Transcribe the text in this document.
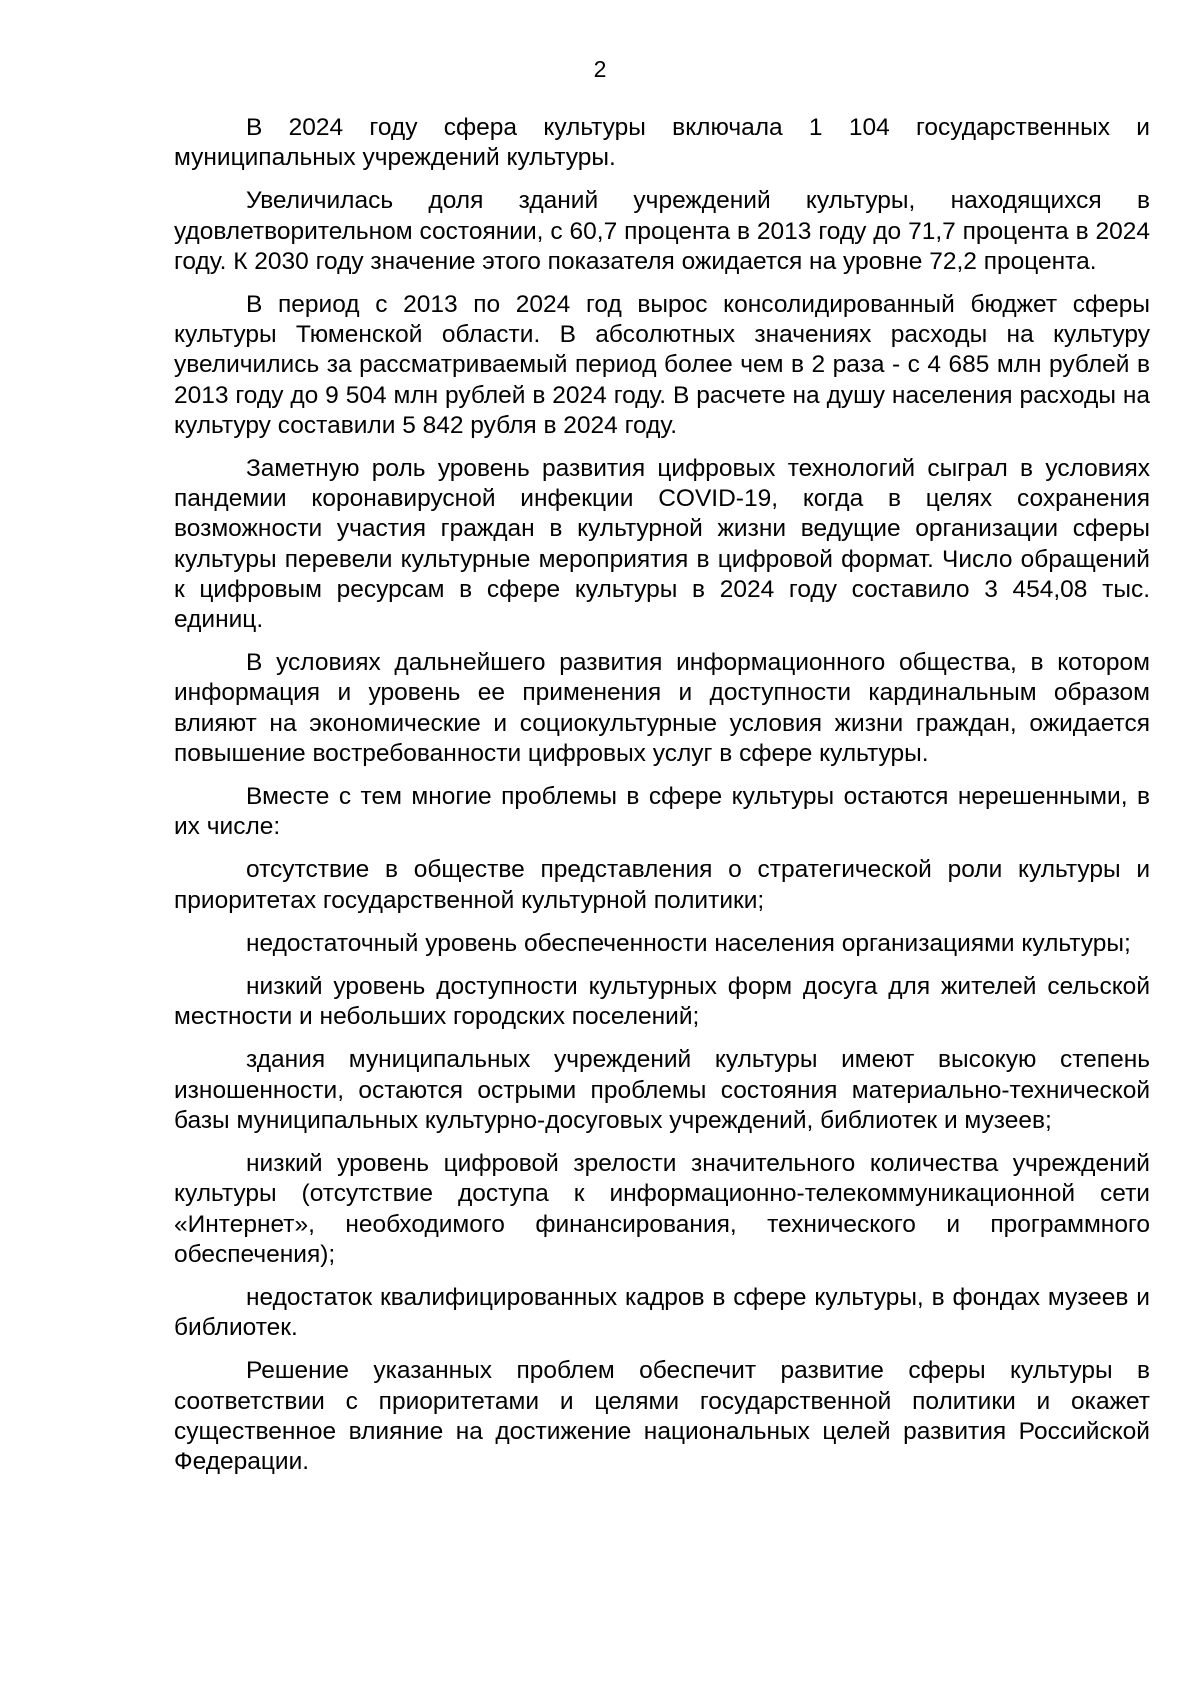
2

В 2024 году сфера культуры включала 1 104 государственных и муниципальных учреждений культуры.

Увеличилась доля зданий учреждений культуры, находящихся в удовлетворительном состоянии, с 60,7 процента в 2013 году до 71,7 процента в 2024 году. К 2030 году значение этого показателя ожидается на уровне 72,2 процента.

В период с 2013 по 2024 год вырос консолидированный бюджет сферы культуры Тюменской области. В абсолютных значениях расходы на культуру увеличились за рассматриваемый период более чем в 2 раза - с 4 685 млн рублей в 2013 году до 9 504 млн рублей в 2024 году. В расчете на душу населения расходы на культуру составили 5 842 рубля в 2024 году.

Заметную роль уровень развития цифровых технологий сыграл в условиях пандемии коронавирусной инфекции COVID-19, когда в целях сохранения возможности участия граждан в культурной жизни ведущие организации сферы культуры перевели культурные мероприятия в цифровой формат. Число обращений к цифровым ресурсам в сфере культуры в 2024 году составило 3 454,08 тыс. единиц.

В условиях дальнейшего развития информационного общества, в котором информация и уровень ее применения и доступности кардинальным образом влияют на экономические и социокультурные условия жизни граждан, ожидается повышение востребованности цифровых услуг в сфере культуры.

Вместе с тем многие проблемы в сфере культуры остаются нерешенными, в их числе:

отсутствие в обществе представления о стратегической роли культуры и приоритетах государственной культурной политики;

недостаточный уровень обеспеченности населения организациями культуры;

низкий уровень доступности культурных форм досуга для жителей сельской местности и небольших городских поселений;

здания муниципальных учреждений культуры имеют высокую степень изношенности, остаются острыми проблемы состояния материально-технической базы муниципальных культурно-досуговых учреждений, библиотек и музеев;

низкий уровень цифровой зрелости значительного количества учреждений культуры (отсутствие доступа к информационно-телекоммуникационной сети «Интернет», необходимого финансирования, технического и программного обеспечения);

недостаток квалифицированных кадров в сфере культуры, в фондах музеев и библиотек.

Решение указанных проблем обеспечит развитие сферы культуры в соответствии с приоритетами и целями государственной политики и окажет существенное влияние на достижение национальных целей развития Российской Федерации.
